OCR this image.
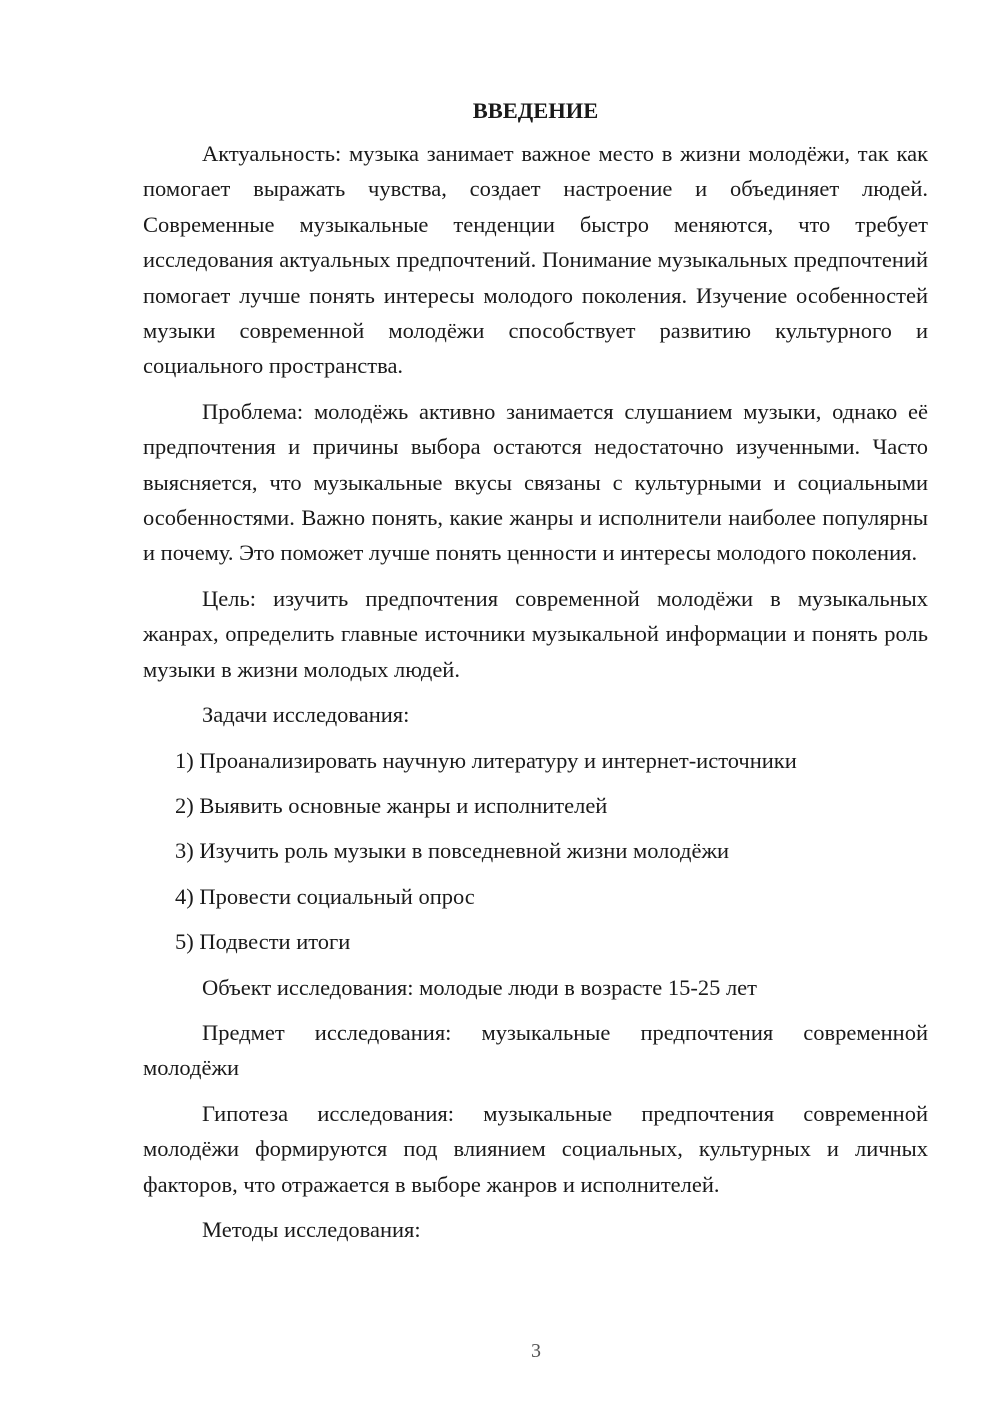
ВВЕДЕНИЕ

Актуальность: музыка занимает важное место в жизни молодёжи, так как помогает выражать чувства, создает настроение и объединяет людей. Современные музыкальные тенденции быстро меняются, что требует исследования актуальных предпочтений. Понимание музыкальных предпочтений помогает лучше понять интересы молодого поколения. Изучение особенностей музыки современной молодёжи способствует развитию культурного и социального пространства.

Проблема: молодёжь активно занимается слушанием музыки, однако её предпочтения и причины выбора остаются недостаточно изученными. Часто выясняется, что музыкальные вкусы связаны с культурными и социальными особенностями. Важно понять, какие жанры и исполнители наиболее популярны и почему. Это поможет лучше понять ценности и интересы молодого поколения.

Цель: изучить предпочтения современной молодёжи в музыкальных жанрах, определить главные источники музыкальной информации и понять роль музыки в жизни молодых людей.

Задачи исследования:

1) Проанализировать научную литературу и интернет-источники
2) Выявить основные жанры и исполнителей
3) Изучить роль музыки в повседневной жизни молодёжи
4) Провести социальный опрос
5) Подвести итоги

Объект исследования: молодые люди в возрасте 15-25 лет

Предмет исследования: музыкальные предпочтения современной молодёжи

Гипотеза исследования: музыкальные предпочтения современной молодёжи формируются под влиянием социальных, культурных и личных факторов, что отражается в выборе жанров и исполнителей.

Методы исследования:

3
